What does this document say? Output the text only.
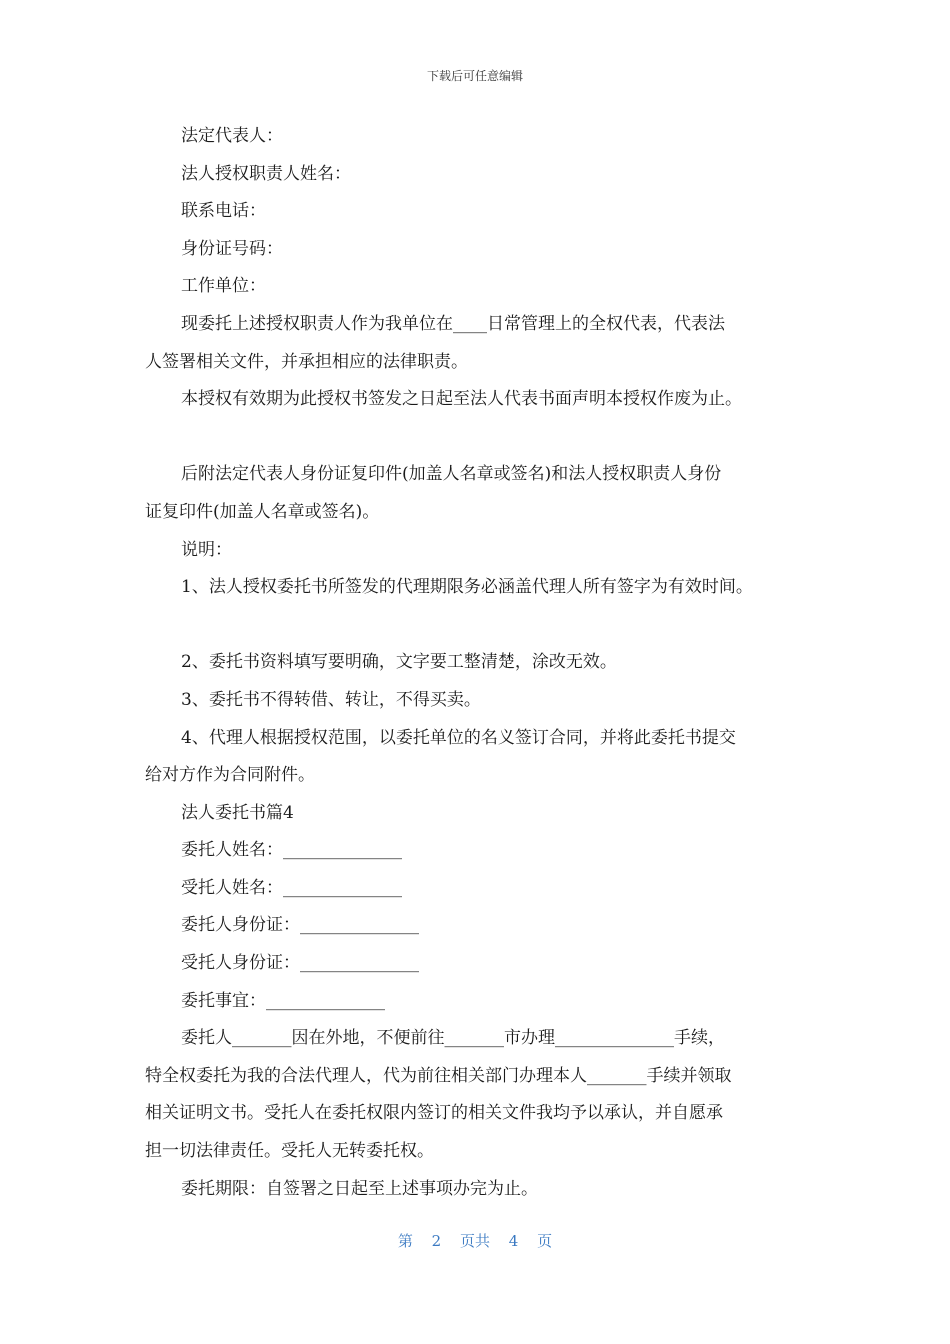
下载后可任意编辑
法定代表人：
法人授权职责人姓名：
联系电话：
身份证号码：
工作单位：
现委托上述授权职责人作为我单位在____日常管理上的全权代表，代表法
人签署相关文件，并承担相应的法律职责。
本授权有效期为此授权书签发之日起至法人代表书面声明本授权作废为止。
后附法定代表人身份证复印件(加盖人名章或签名)和法人授权职责人身份
证复印件(加盖人名章或签名)。
说明：
1、法人授权委托书所签发的代理期限务必涵盖代理人所有签字为有效时间。
2、委托书资料填写要明确，文字要工整清楚，涂改无效。
3、委托书不得转借、转让，不得买卖。
4、代理人根据授权范围，以委托单位的名义签订合同，并将此委托书提交
给对方作为合同附件。
法人委托书篇4
委托人姓名：______________
受托人姓名：______________
委托人身份证：______________
受托人身份证：______________
委托事宜：______________
委托人_______因在外地，不便前往_______市办理______________手续，
特全权委托为我的合法代理人，代为前往相关部门办理本人_______手续并领取
相关证明文书。受托人在委托权限内签订的相关文件我均予以承认，并自愿承
担一切法律责任。受托人无转委托权。
委托期限：自签署之日起至上述事项办完为止。
第 2 页共 4 页
